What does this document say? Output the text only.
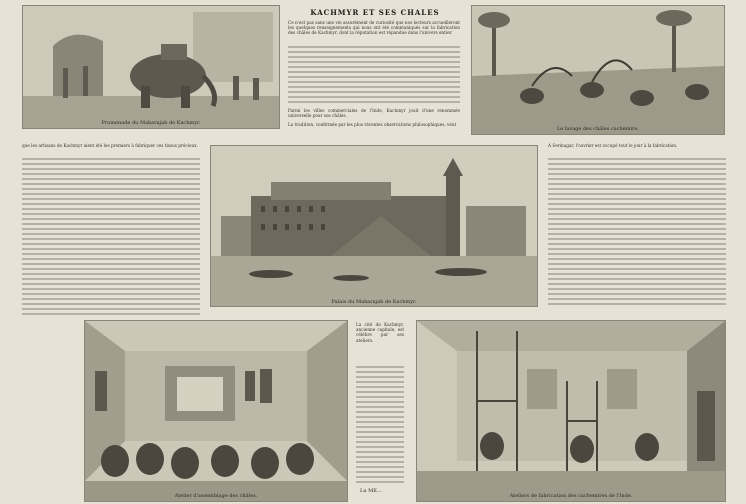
Promenade du Maharajah de Kachmyr.
KACHMYR ET SES CHALES
Ce n'est pas sans une vie assurément de curiosité que nos lecteurs accueilleront les quelques renseignements qui nous ont été communiqués sur la fabrication des châles de Kachmyr, dont la réputation est répandue dans l'univers entier.
Parmi les villes commerciales de l'Inde, Kachmyr jouit d'une renommée universelle pour ses châles.
La tradition, confirmée par les plus récentes observations philosophiques, veut
Le lavage des châles cachemire.
que les artisans de Kachmyr aient été les premiers à fabriquer ces tissus précieux.
Palais du Maharajah de Kachmyr.
A Serinagar, l'ouvrier est occupé tout le jour à la fabrication.
Atelier d'assemblage des châles.
La cité de Kachmyr, ancienne capitale, est célèbre par ses ateliers.
Lu ME...
Ateliers de fabrication des cachemires de l'Inde.
